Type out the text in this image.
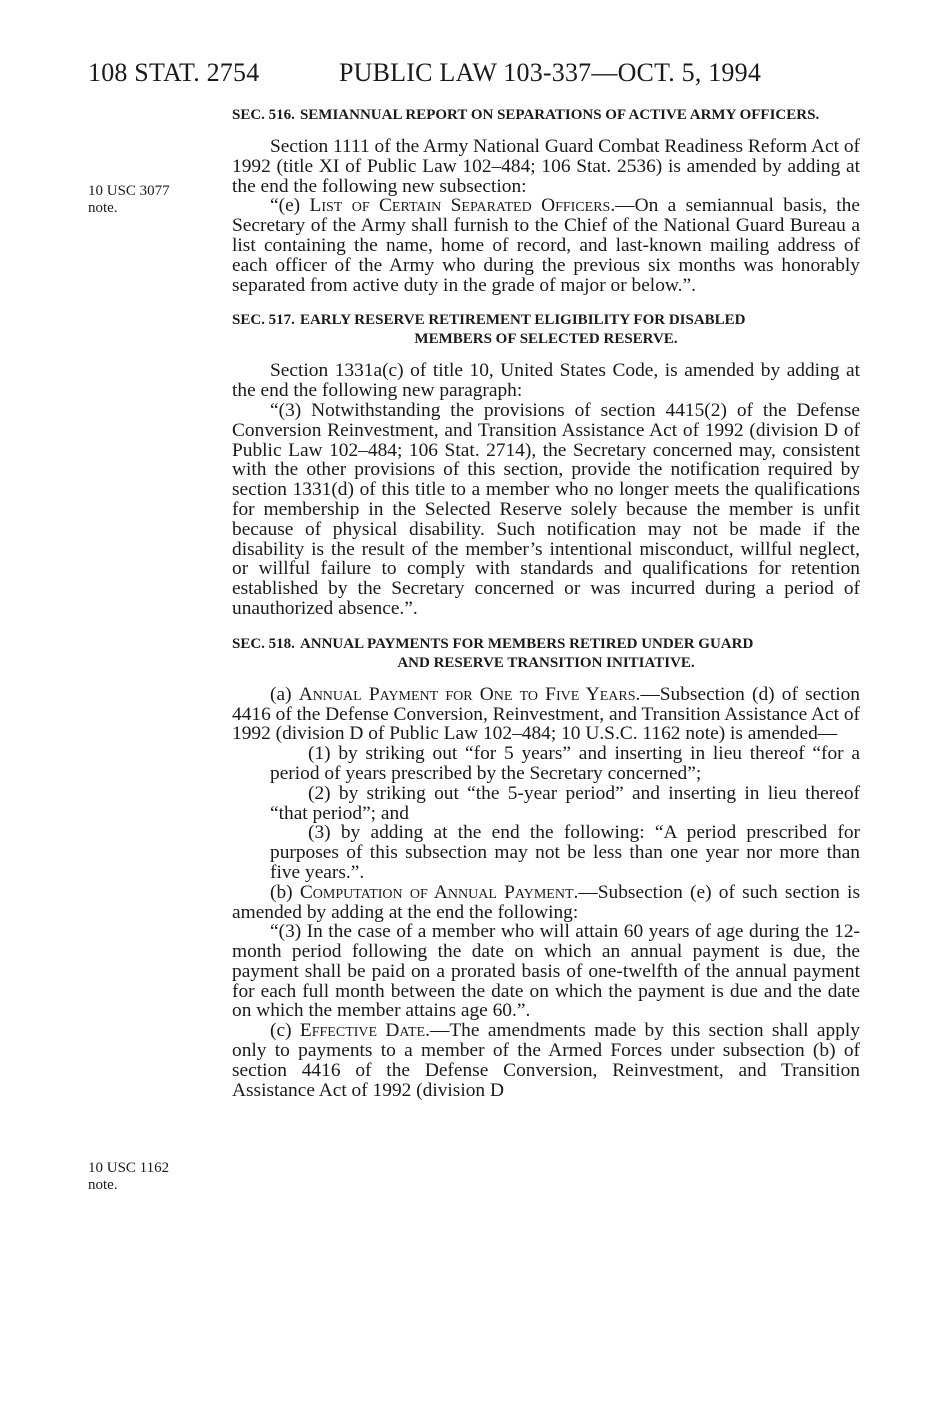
108 STAT. 2754	PUBLIC LAW 103-337—OCT. 5, 1994
10 USC 3077
note.
10 USC 1162
note.
SEC. 516. SEMIANNUAL REPORT ON SEPARATIONS OF ACTIVE ARMY OFFICERS.

Section 1111 of the Army National Guard Combat Readiness Reform Act of 1992 (title XI of Public Law 102–484; 106 Stat. 2536) is amended by adding at the end the following new subsection:

“(e) List of Certain Separated Officers.—On a semiannual basis, the Secretary of the Army shall furnish to the Chief of the National Guard Bureau a list containing the name, home of record, and last-known mailing address of each officer of the Army who during the previous six months was honorably separated from active duty in the grade of major or below.”.

SEC. 517. EARLY RESERVE RETIREMENT ELIGIBILITY FOR DISABLED
MEMBERS OF SELECTED RESERVE.

Section 1331a(c) of title 10, United States Code, is amended by adding at the end the following new paragraph:

“(3) Notwithstanding the provisions of section 4415(2) of the Defense Conversion Reinvestment, and Transition Assistance Act of 1992 (division D of Public Law 102–484; 106 Stat. 2714), the Secretary concerned may, consistent with the other provisions of this section, provide the notification required by section 1331(d) of this title to a member who no longer meets the qualifications for membership in the Selected Reserve solely because the member is unfit because of physical disability. Such notification may not be made if the disability is the result of the member’s intentional misconduct, willful neglect, or willful failure to comply with standards and qualifications for retention established by the Secretary concerned or was incurred during a period of unauthorized absence.”.

SEC. 518. ANNUAL PAYMENTS FOR MEMBERS RETIRED UNDER GUARD
AND RESERVE TRANSITION INITIATIVE.

(a) Annual Payment for One to Five Years.—Subsection (d) of section 4416 of the Defense Conversion, Reinvestment, and Transition Assistance Act of 1992 (division D of Public Law 102–484; 10 U.S.C. 1162 note) is amended—

(1) by striking out “for 5 years” and inserting in lieu thereof “for a period of years prescribed by the Secretary concerned”;

(2) by striking out “the 5-year period” and inserting in lieu thereof “that period”; and

(3) by adding at the end the following: “A period prescribed for purposes of this subsection may not be less than one year nor more than five years.”.

(b) Computation of Annual Payment.—Subsection (e) of such section is amended by adding at the end the following:

“(3) In the case of a member who will attain 60 years of age during the 12-month period following the date on which an annual payment is due, the payment shall be paid on a prorated basis of one-twelfth of the annual payment for each full month between the date on which the payment is due and the date on which the member attains age 60.”.

(c) Effective Date.—The amendments made by this section shall apply only to payments to a member of the Armed Forces under subsection (b) of section 4416 of the Defense Conversion, Reinvestment, and Transition Assistance Act of 1992 (division D
